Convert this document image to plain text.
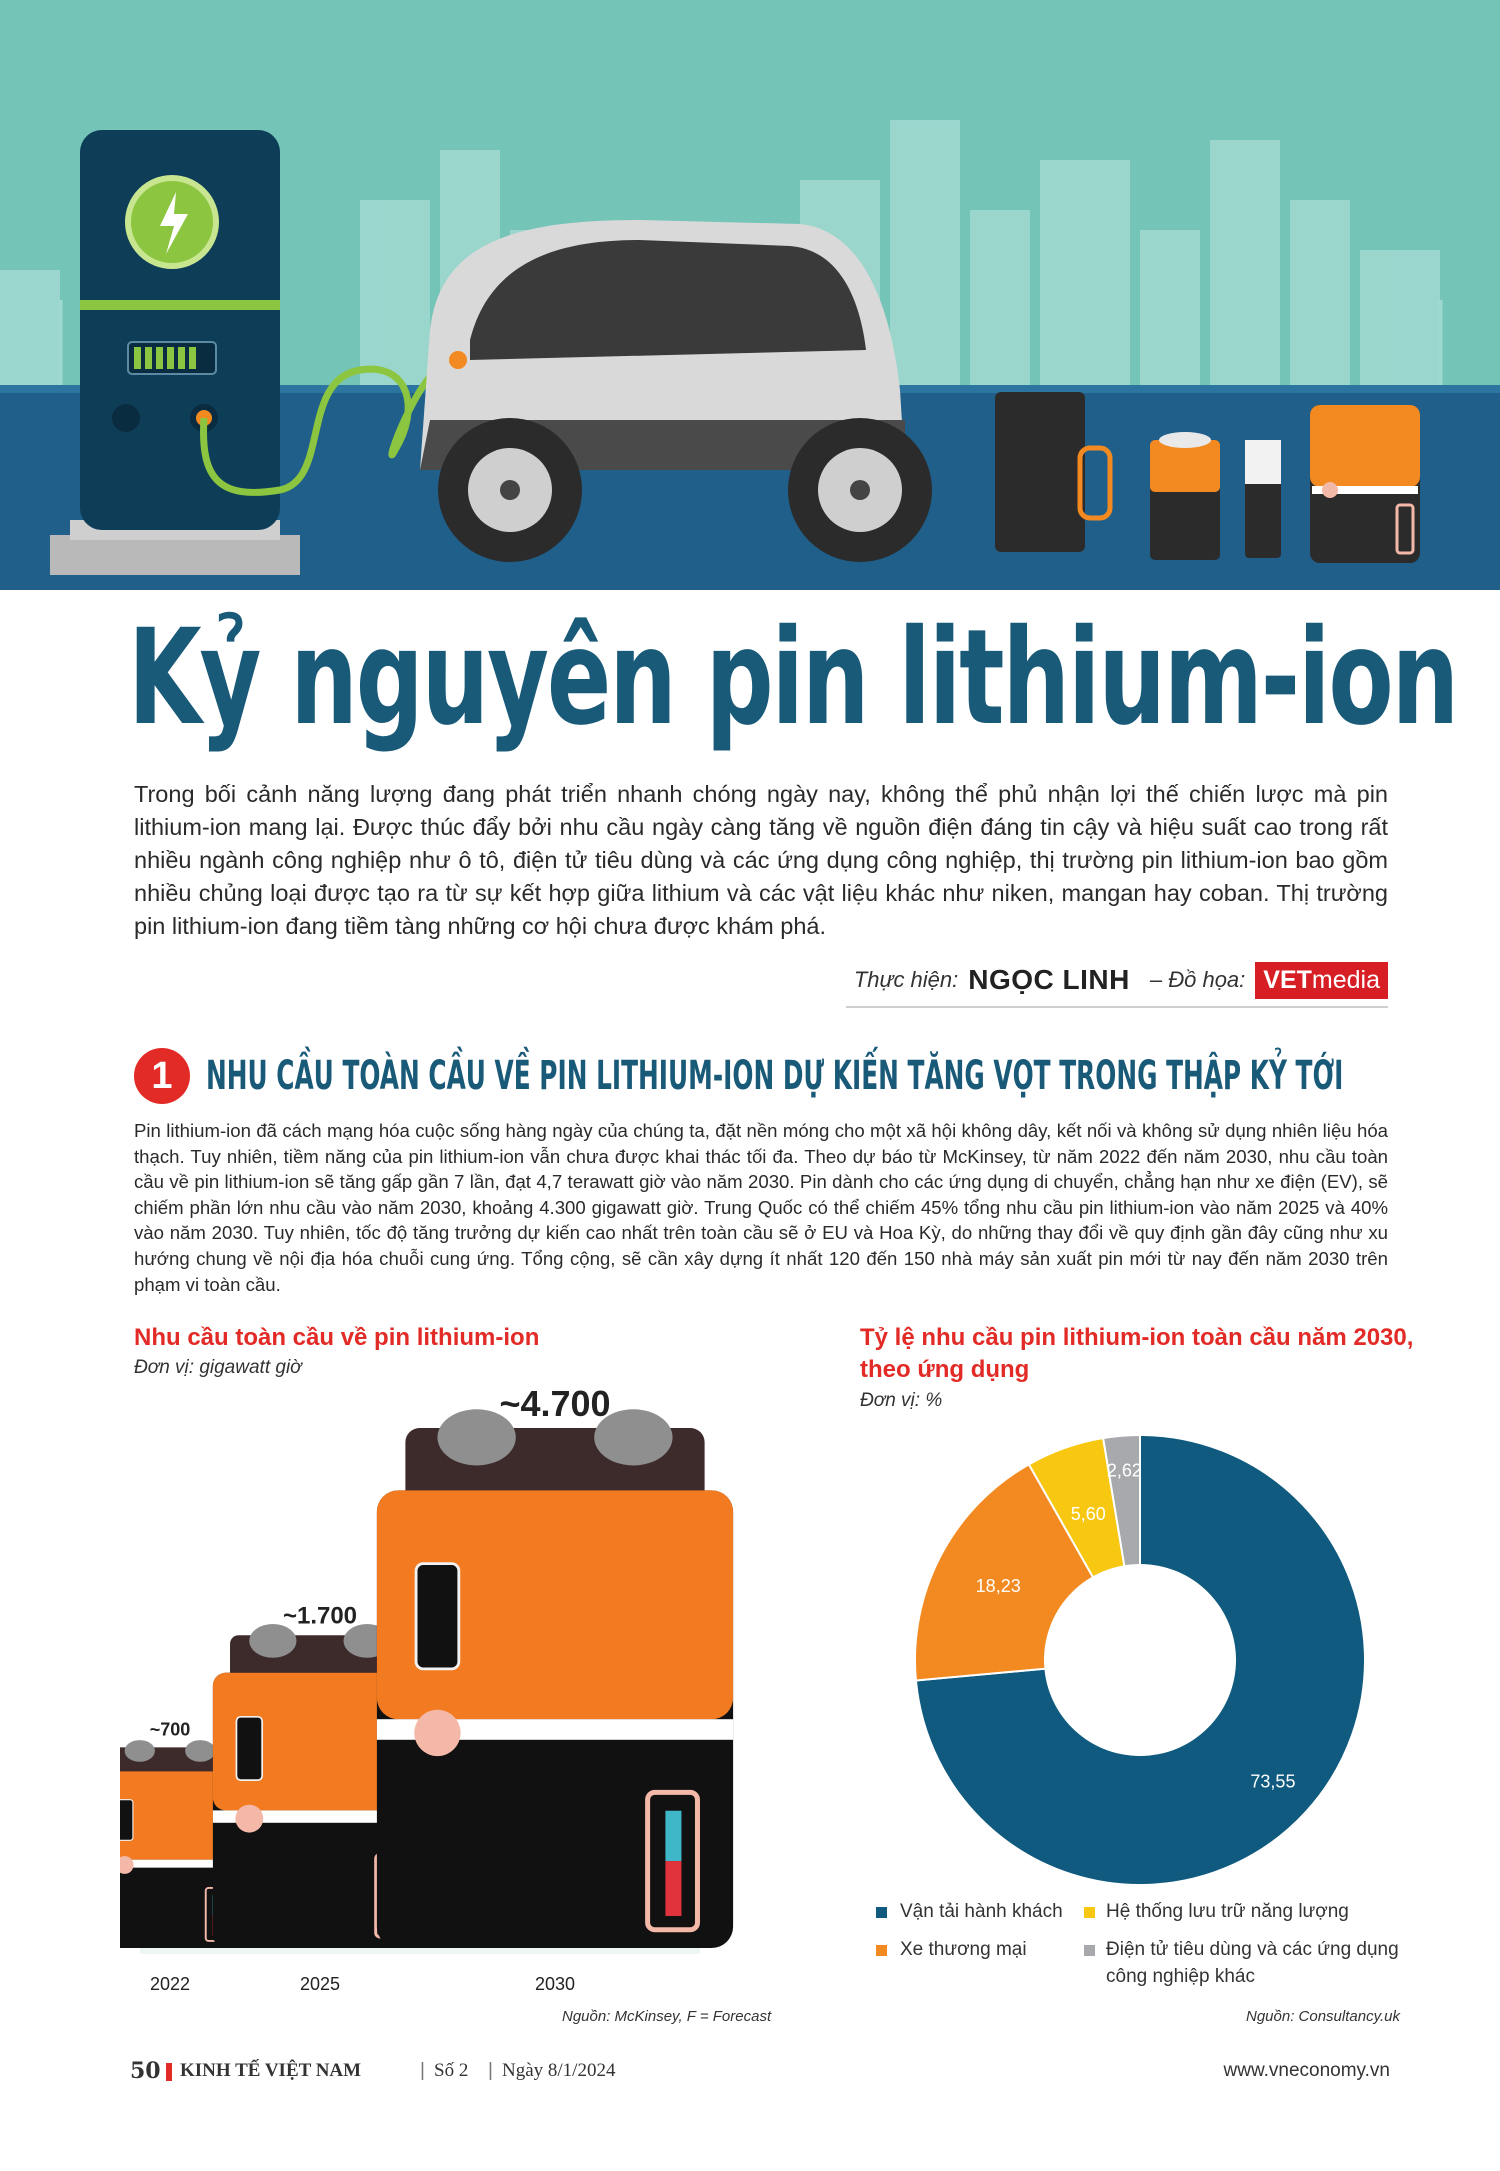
Kỷ nguyên pin lithium-ion
Trong bối cảnh năng lượng đang phát triển nhanh chóng ngày nay, không thể phủ nhận lợi thế chiến lược mà pin lithium-ion mang lại. Được thúc đẩy bởi nhu cầu ngày càng tăng về nguồn điện đáng tin cậy và hiệu suất cao trong rất nhiều ngành công nghiệp như ô tô, điện tử tiêu dùng và các ứng dụng công nghiệp, thị trường pin lithium-ion bao gồm nhiều chủng loại được tạo ra từ sự kết hợp giữa lithium và các vật liệu khác như niken, mangan hay coban. Thị trường pin lithium-ion đang tiềm tàng những cơ hội chưa được khám phá.
Thực hiện: NGỌC LINH – Đồ họa: VETmedia
1 NHU CẦU TOÀN CẦU VỀ PIN LITHIUM-ION DỰ KIẾN TĂNG VỌT TRONG THẬP KỶ TỚI
Pin lithium-ion đã cách mạng hóa cuộc sống hàng ngày của chúng ta, đặt nền móng cho một xã hội không dây, kết nối và không sử dụng nhiên liệu hóa thạch. Tuy nhiên, tiềm năng của pin lithium-ion vẫn chưa được khai thác tối đa. Theo dự báo từ McKinsey, từ năm 2022 đến năm 2030, nhu cầu toàn cầu về pin lithium-ion sẽ tăng gấp gần 7 lần, đạt 4,7 terawatt giờ vào năm 2030. Pin dành cho các ứng dụng di chuyển, chẳng hạn như xe điện (EV), sẽ chiếm phần lớn nhu cầu vào năm 2030, khoảng 4.300 gigawatt giờ. Trung Quốc có thể chiếm 45% tổng nhu cầu pin lithium-ion vào năm 2025 và 40% vào năm 2030. Tuy nhiên, tốc độ tăng trưởng dự kiến cao nhất trên toàn cầu sẽ ở EU và Hoa Kỳ, do những thay đổi về quy định gần đây cũng như xu hướng chung về nội địa hóa chuỗi cung ứng. Tổng cộng, sẽ cần xây dựng ít nhất 120 đến 150 nhà máy sản xuất pin mới từ nay đến năm 2030 trên phạm vi toàn cầu.
Nhu cầu toàn cầu về pin lithium-ion
Đơn vị: gigawatt giờ
~700
~1.700
~4.700
2022	2025	2030
Nguồn: McKinsey, F = Forecast
Tỷ lệ nhu cầu pin lithium-ion toàn cầu năm 2030,
theo ứng dụng
Đơn vị: %
73,55
18,23
5,60
2,62
Vận tải hành khách Hệ thống lưu trữ năng lượng
Xe thương mại	Điện tử tiêu dùng và các ứng dụng
công nghiệp khác
Nguồn: Consultancy.uk
50 KINH TẾ VIỆT NAM	| Số 2 | Ngày 8/1/2024	www.vneconomy.vn
